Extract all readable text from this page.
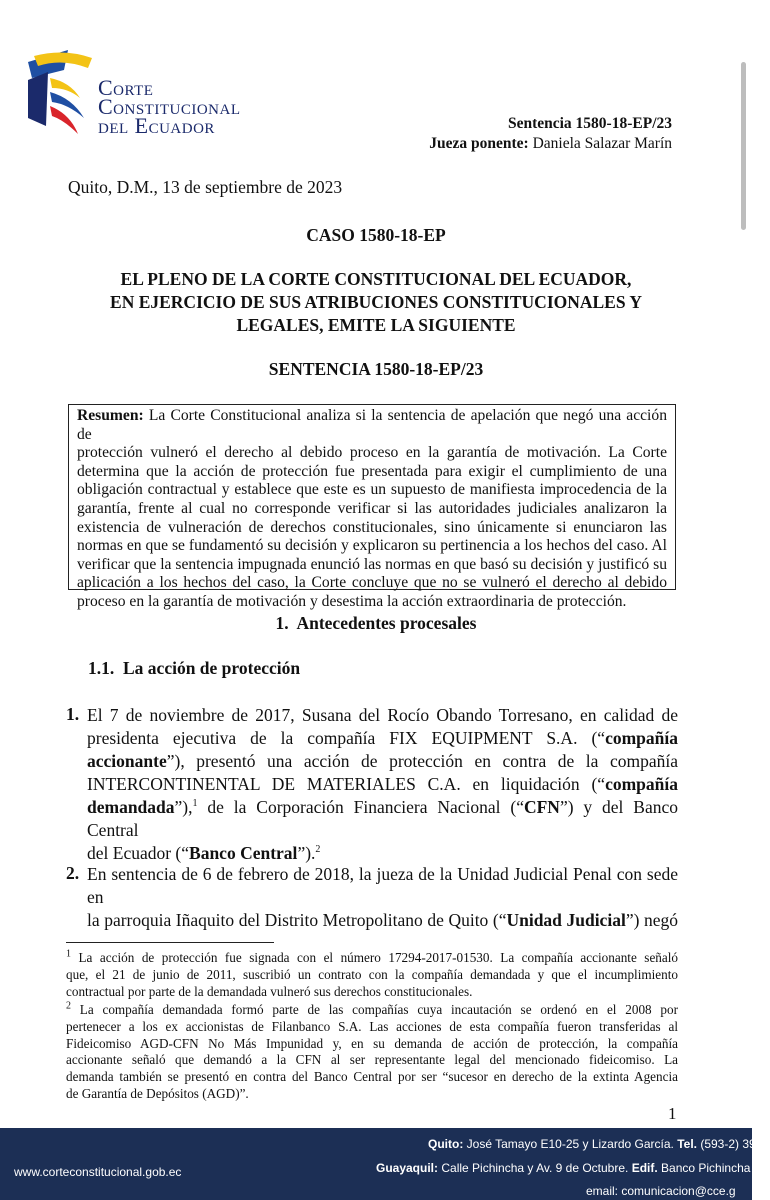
Corte
Constitucional
del Ecuador	Sentencia 1580-18-EP/23
Jueza ponente: Daniela Salazar Marín
Quito, D.M., 13 de septiembre de 2023
CASO 1580-18-EP
EL PLENO DE LA CORTE CONSTITUCIONAL DEL ECUADOR,
EN EJERCICIO DE SUS ATRIBUCIONES CONSTITUCIONALES Y
LEGALES, EMITE LA SIGUIENTE
SENTENCIA 1580-18-EP/23
Resumen: La Corte Constitucional analiza si la sentencia de apelación que negó una acción de
protección vulneró el derecho al debido proceso en la garantía de motivación. La Corte
determina que la acción de protección fue presentada para exigir el cumplimiento de una
obligación contractual y establece que este es un supuesto de manifiesta improcedencia de la
garantía, frente al cual no corresponde verificar si las autoridades judiciales analizaron la
existencia de vulneración de derechos constitucionales, sino únicamente si enunciaron las
normas en que se fundamentó su decisión y explicaron su pertinencia a los hechos del caso. Al
verificar que la sentencia impugnada enunció las normas en que basó su decisión y justificó su
aplicación a los hechos del caso, la Corte concluye que no se vulneró el derecho al debido
proceso en la garantía de motivación y desestima la acción extraordinaria de protección.
1. Antecedentes procesales
1.1. La acción de protección
1. El 7 de noviembre de 2017, Susana del Rocío Obando Torresano, en calidad de
presidenta ejecutiva de la compañía FIX EQUIPMENT S.A. (“compañía
accionante”), presentó una acción de protección en contra de la compañía
INTERCONTINENTAL DE MATERIALES C.A. en liquidación (“compañía
demandada”),$^1$ de la Corporación Financiera Nacional (“CFN”) y del Banco Central
del Ecuador (“Banco Central”).$^2$
2. En sentencia de 6 de febrero de 2018, la jueza de la Unidad Judicial Penal con sede en
la parroquia Iñaquito del Distrito Metropolitano de Quito (“Unidad Judicial”) negó
$^1$ La acción de protección fue signada con el número 17294-2017-01530. La compañía accionante señaló
que, el 21 de junio de 2011, suscribió un contrato con la compañía demandada y que el incumplimiento
contractual por parte de la demandada vulneró sus derechos constitucionales.
$^2$ La compañía demandada formó parte de las compañías cuya incautación se ordenó en el 2008 por
pertenecer a los ex accionistas de Filanbanco S.A. Las acciones de esta compañía fueron transferidas al
Fideicomiso AGD-CFN No Más Impunidad y, en su demanda de acción de protección, la compañía
accionante señaló que demandó a la CFN al ser representante legal del mencionado fideicomiso. La
demanda también se presentó en contra del Banco Central por ser “sucesor en derecho de la extinta Agencia
de Garantía de Depósitos (AGD)”.
1
www.corteconstitucional.gob.ec
Quito: José Tamayo E10-25 y Lizardo García. Tel. (593-2) 394-
Guayaquil: Calle Pichincha y Av. 9 de Octubre. Edif. Banco Pichincha 6to
email: comunicacion@cce.g
